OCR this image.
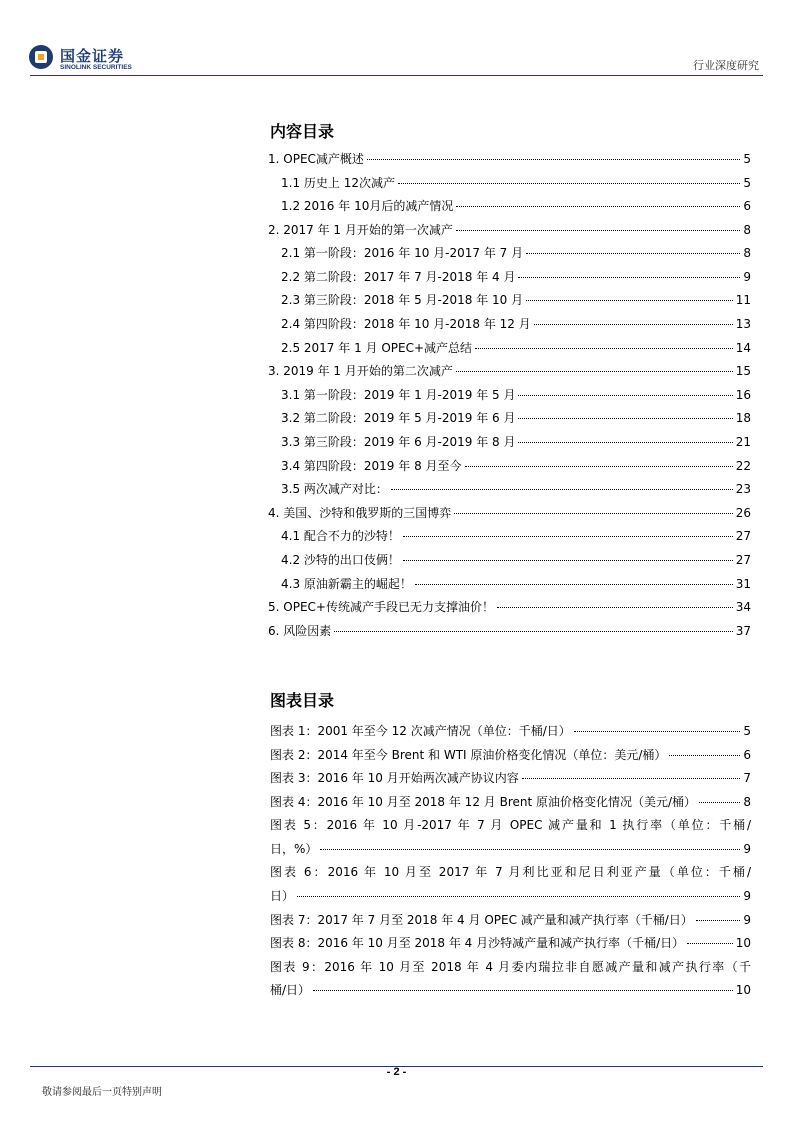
国金证券
SINOLINK SECURITIES	行业深度研究
内容目录
1. OPEC减产概述	5
1.1 历史上 12次减产	5
1.2 2016 年 10月后的减产情况	6
2. 2017 年 1 月开始的第一次减产	8
2.1 第一阶段：2016 年 10 月-2017 年 7 月	8
2.2 第二阶段：2017 年 7 月-2018 年 4 月	9
2.3 第三阶段：2018 年 5 月-2018 年 10 月	11
2.4 第四阶段：2018 年 10 月-2018 年 12 月	13
2.5 2017 年 1 月 OPEC+减产总结	14
3. 2019 年 1 月开始的第二次减产	15
3.1 第一阶段：2019 年 1 月-2019 年 5 月	16
3.2 第二阶段：2019 年 5 月-2019 年 6 月	18
3.3 第三阶段：2019 年 6 月-2019 年 8 月	21
3.4 第四阶段：2019 年 8 月至今	22
3.5 两次减产对比：	23
4. 美国、沙特和俄罗斯的三国博弈	26
4.1 配合不力的沙特！	27
4.2 沙特的出口伎俩！	27
4.3 原油新霸主的崛起！	31
5. OPEC+传统减产手段已无力支撑油价！	34
6. 风险因素	37
图表目录
图表 1：2001 年至今 12 次减产情况（单位：千桶/日）	5
图表 2：2014 年至今 Brent 和 WTI 原油价格变化情况（单位：美元/桶）	6
图表 3：2016 年 10 月开始两次减产协议内容	7
图表 4：2016 年 10 月至 2018 年 12 月 Brent 原油价格变化情况（美元/桶）	8
图表 5：2016 年 10 月-2017 年 7 月 OPEC 减产量和 1 执行率（单位：千桶/
日，%）	9
图表 6：2016 年 10 月至 2017 年 7 月利比亚和尼日利亚产量（单位：千桶/
日）	9
图表 7：2017 年 7 月至 2018 年 4 月 OPEC 减产量和减产执行率（千桶/日）	9
图表 8：2016 年 10 月至 2018 年 4 月沙特减产量和减产执行率（千桶/日）	10
图表 9：2016 年 10 月至 2018 年 4 月委内瑞拉非自愿减产量和减产执行率（千
桶/日）	10
- 2 -
敬请参阅最后一页特别声明
